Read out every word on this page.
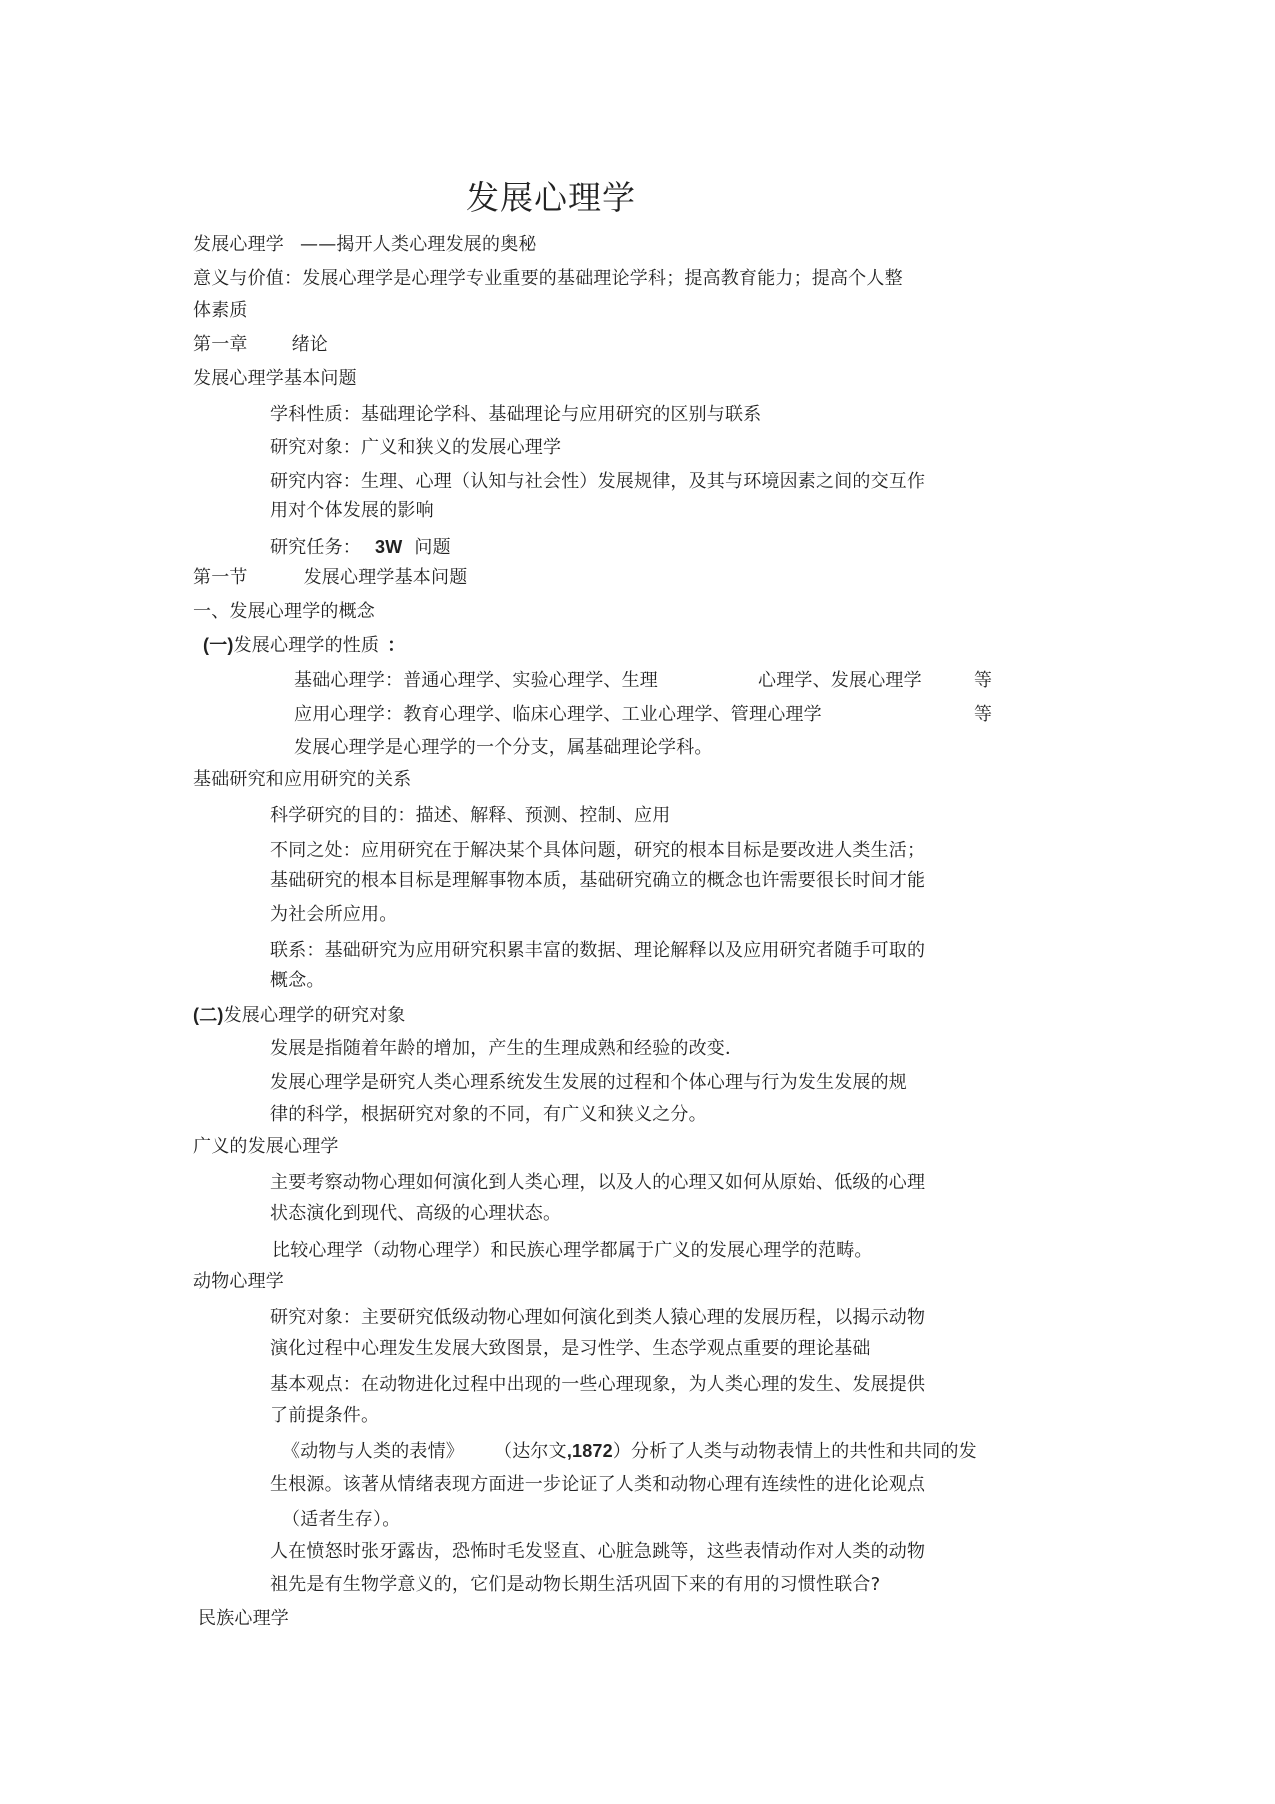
发展心理学
发展心理学 ——揭开人类心理发展的奥秘
意义与价值：发展心理学是心理学专业重要的基础理论学科；提高教育能力；提高个人整
体素质
第一章 绪论
发展心理学基本问题
学科性质：基础理论学科、基础理论与应用研究的区别与联系
研究对象：广义和狭义的发展心理学
研究内容：生理、心理（认知与社会性）发展规律，及其与环境因素之间的交互作
用对个体发展的影响
研究任务： 3W 问题
第一节	发展心理学基本问题
一、发展心理学的概念
(一)发展心理学的性质 ：
基础心理学：普通心理学、实验心理学、生理	心理学、发展心理学	等
应用心理学：教育心理学、临床心理学、工业心理学、管理心理学	等
发展心理学是心理学的一个分支，属基础理论学科。
基础研究和应用研究的关系
科学研究的目的：描述、解释、预测、控制、应用
不同之处：应用研究在于解决某个具体问题，研究的根本目标是要改进人类生活；
基础研究的根本目标是理解事物本质，基础研究确立的概念也许需要很长时间才能
为社会所应用。
联系：基础研究为应用研究积累丰富的数据、理论解释以及应用研究者随手可取的
概念。
(二)发展心理学的研究对象
发展是指随着年龄的增加，产生的生理成熟和经验的改变．
发展心理学是研究人类心理系统发生发展的过程和个体心理与行为发生发展的规
律的科学，根据研究对象的不同，有广义和狭义之分。
广义的发展心理学
主要考察动物心理如何演化到人类心理，以及人的心理又如何从原始、低级的心理
状态演化到现代、高级的心理状态。
比较心理学（动物心理学）和民族心理学都属于广义的发展心理学的范畴。
动物心理学
研究对象：主要研究低级动物心理如何演化到类人猿心理的发展历程，以揭示动物
演化过程中心理发生发展大致图景，是习性学、生态学观点重要的理论基础
基本观点：在动物进化过程中出现的一些心理现象，为人类心理的发生、发展提供
了前提条件。
《动物与人类的表情》 （达尔文,1872）分析了人类与动物表情上的共性和共同的发
生根源。该著从情绪表现方面进一步论证了人类和动物心理有连续性的进化论观点
（适者生存）。
人在愤怒时张牙露齿，恐怖时毛发竖直、心脏急跳等，这些表情动作对人类的动物
祖先是有生物学意义的，它们是动物长期生活巩固下来的有用的习惯性联合?
民族心理学
